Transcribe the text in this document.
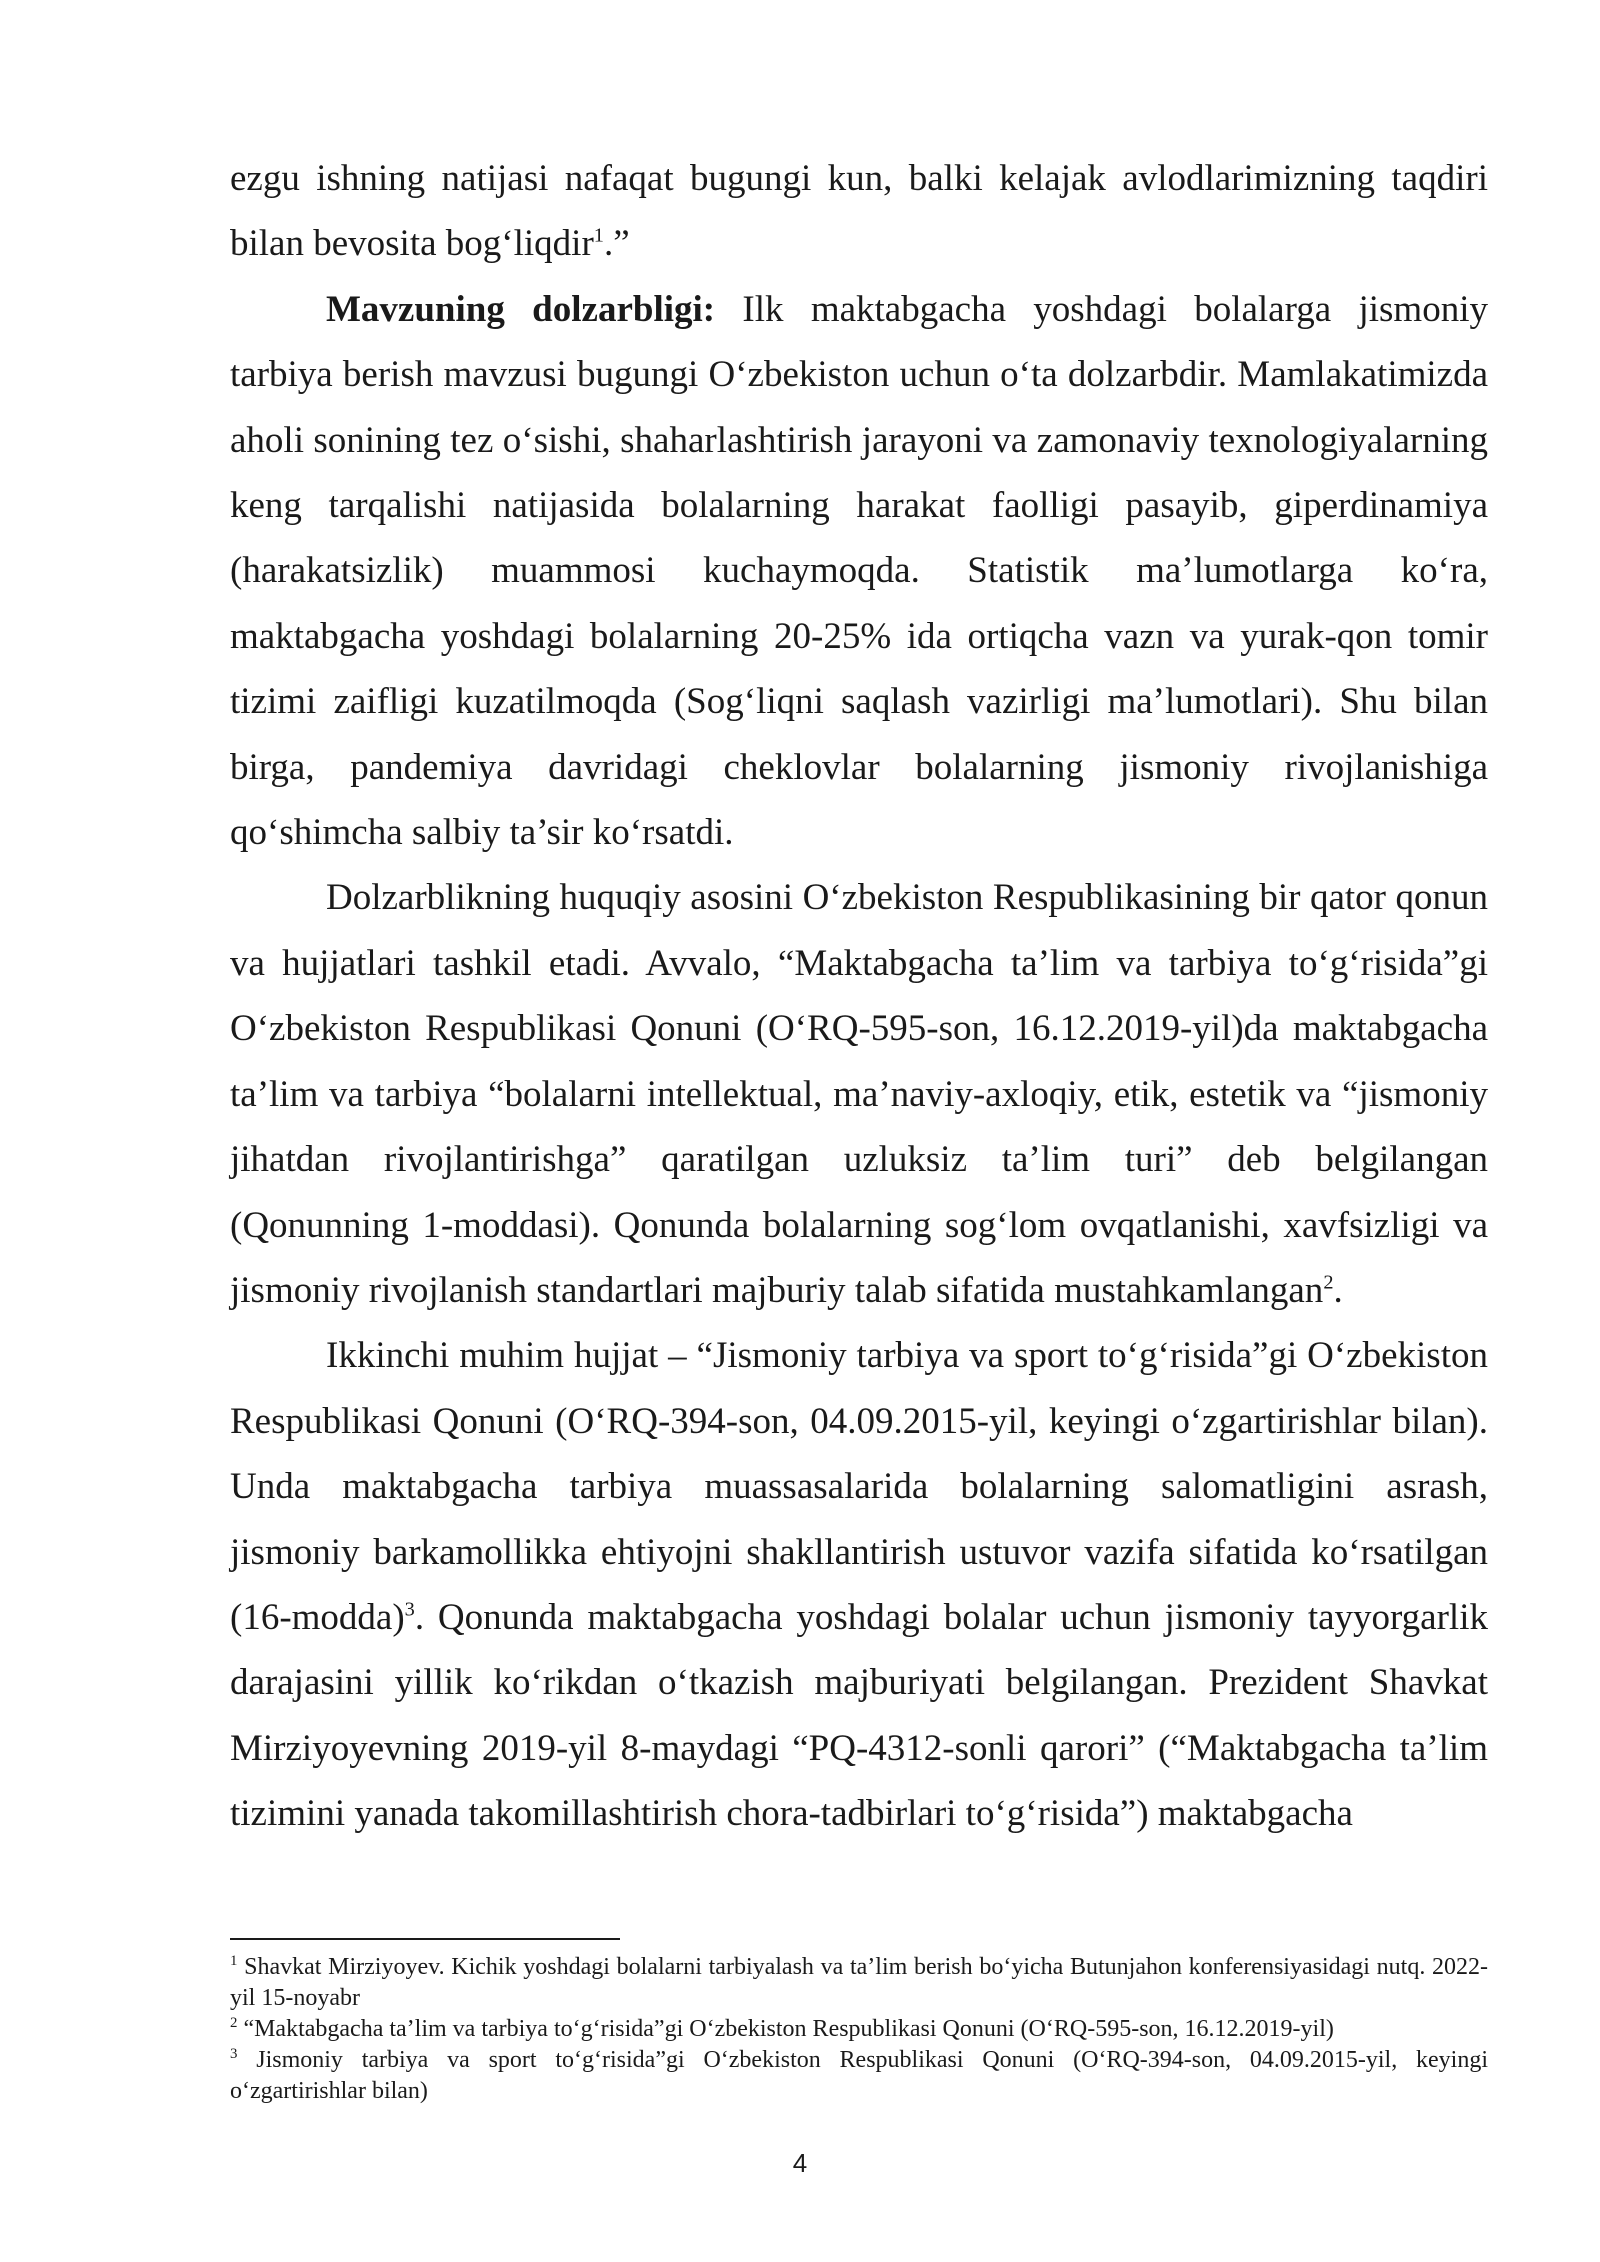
ezgu ishning natijasi nafaqat bugungi kun, balki kelajak avlodlarimizning taqdiri bilan bevosita bog‘liqdir$^1$.”

Mavzuning dolzarbligi: Ilk maktabgacha yoshdagi bolalarga jismoniy tarbiya berish mavzusi bugungi O‘zbekiston uchun o‘ta dolzarbdir. Mamlakatimizda aholi sonining tez o‘sishi, shaharlashtirish jarayoni va zamonaviy texnologiyalarning keng tarqalishi natijasida bolalarning harakat faolligi pasayib, giperdinamiya (harakatsizlik) muammosi kuchaymoqda. Statistik ma’lumotlarga ko‘ra, maktabgacha yoshdagi bolalarning 20-25% ida ortiqcha vazn va yurak-qon tomir tizimi zaifligi kuzatilmoqda (Sog‘liqni saqlash vazirligi ma’lumotlari). Shu bilan birga, pandemiya davridagi cheklovlar bolalarning jismoniy rivojlanishiga qo‘shimcha salbiy ta’sir ko‘rsatdi.

Dolzarblikning huquqiy asosini O‘zbekiston Respublikasining bir qator qonun va hujjatlari tashkil etadi. Avvalo, “Maktabgacha ta’lim va tarbiya to‘g‘risida”gi O‘zbekiston Respublikasi Qonuni (O‘RQ-595-son, 16.12.2019-yil)da maktabgacha ta’lim va tarbiya “bolalarni intellektual, ma’naviy-axloqiy, etik, estetik va “jismoniy jihatdan rivojlantirishga” qaratilgan uzluksiz ta’lim turi” deb belgilangan (Qonunning 1-moddasi). Qonunda bolalarning sog‘lom ovqatlanishi, xavfsizligi va jismoniy rivojlanish standartlari majburiy talab sifatida mustahkamlangan$^2$.

Ikkinchi muhim hujjat – “Jismoniy tarbiya va sport to‘g‘risida”gi O‘zbekiston Respublikasi Qonuni (O‘RQ-394-son, 04.09.2015-yil, keyingi o‘zgartirishlar bilan). Unda maktabgacha tarbiya muassasalarida bolalarning salomatligini asrash, jismoniy barkamollikka ehtiyojni shakllantirish ustuvor vazifa sifatida ko‘rsatilgan (16-modda)$^3$. Qonunda maktabgacha yoshdagi bolalar uchun jismoniy tayyorgarlik darajasini yillik ko‘rikdan o‘tkazish majburiyati belgilangan. Prezident Shavkat Mirziyoyevning 2019-yil 8-maydagi “PQ-4312-sonli qarori” (“Maktabgacha ta’lim tizimini yanada takomillashtirish chora-tadbirlari to‘g‘risida”) maktabgacha

$^1$ Shavkat Mirziyoyev. Kichik yoshdagi bolalarni tarbiyalash va ta’lim berish bo‘yicha Butunjahon konferensiyasidagi nutq. 2022-yil 15-noyabr

$^2$ “Maktabgacha ta’lim va tarbiya to‘g‘risida”gi O‘zbekiston Respublikasi Qonuni (O‘RQ-595-son, 16.12.2019-yil)

$^3$ Jismoniy tarbiya va sport to‘g‘risida”gi O‘zbekiston Respublikasi Qonuni (O‘RQ-394-son, 04.09.2015-yil, keyingi o‘zgartirishlar bilan)

4
